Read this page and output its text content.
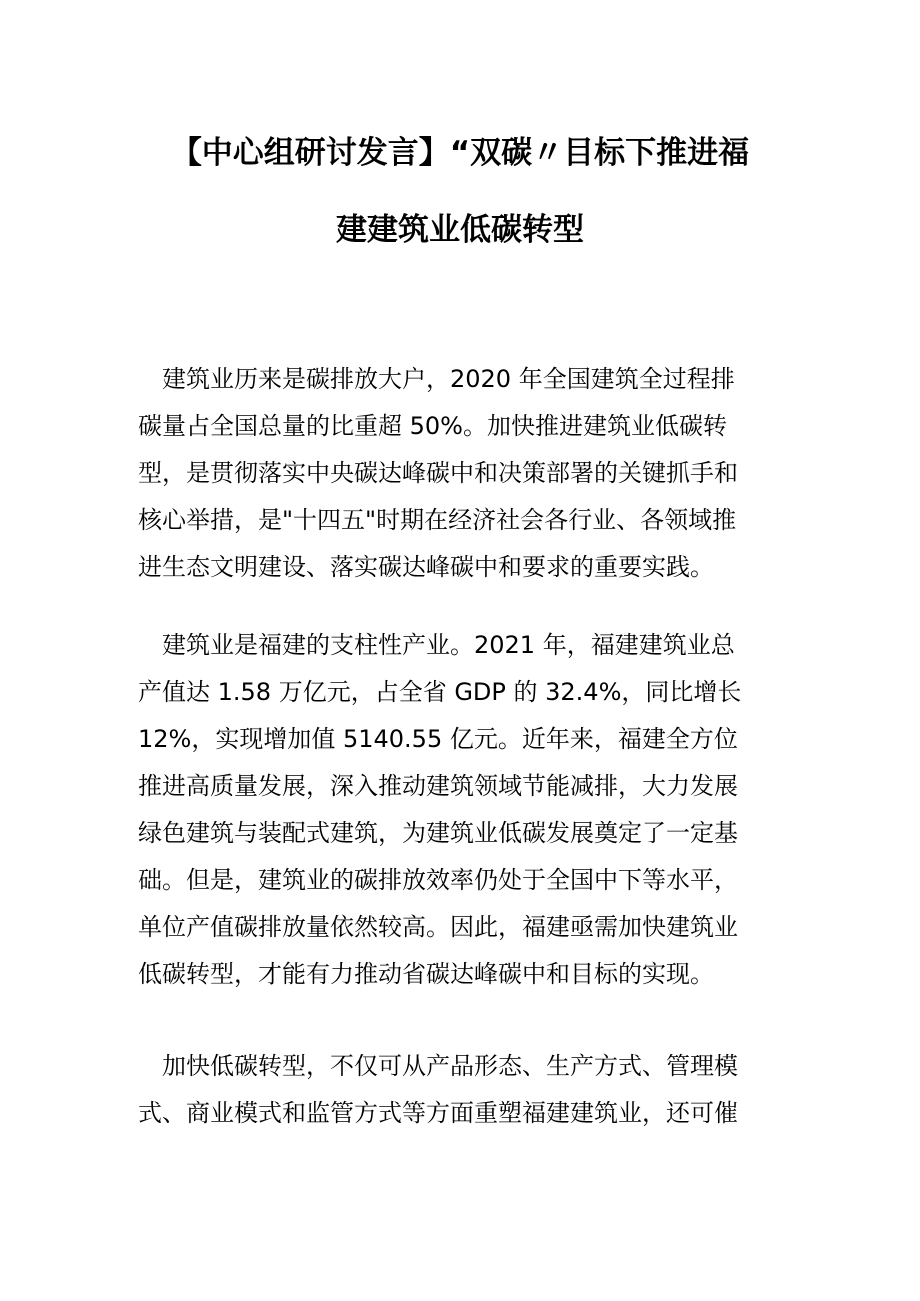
【中心组研讨发言】“双碳〃目标下推进福
建建筑业低碳转型

　建筑业历来是碳排放大户，2020 年全国建筑全过程排
碳量占全国总量的比重超 50%。加快推进建筑业低碳转
型，是贯彻落实中央碳达峰碳中和决策部署的关键抓手和
核心举措，是"十四五"时期在经济社会各行业、各领域推
进生态文明建设、落实碳达峰碳中和要求的重要实践。

　建筑业是福建的支柱性产业。2021 年，福建建筑业总
产值达 1.58 万亿元，占全省 GDP 的 32.4%，同比增长
12%，实现增加值 5140.55 亿元。近年来，福建全方位
推进高质量发展，深入推动建筑领域节能减排，大力发展
绿色建筑与装配式建筑，为建筑业低碳发展奠定了一定基
础。但是，建筑业的碳排放效率仍处于全国中下等水平，
单位产值碳排放量依然较高。因此，福建亟需加快建筑业
低碳转型，才能有力推动省碳达峰碳中和目标的实现。

　加快低碳转型，不仅可从产品形态、生产方式、管理模
式、商业模式和监管方式等方面重塑福建建筑业，还可催
